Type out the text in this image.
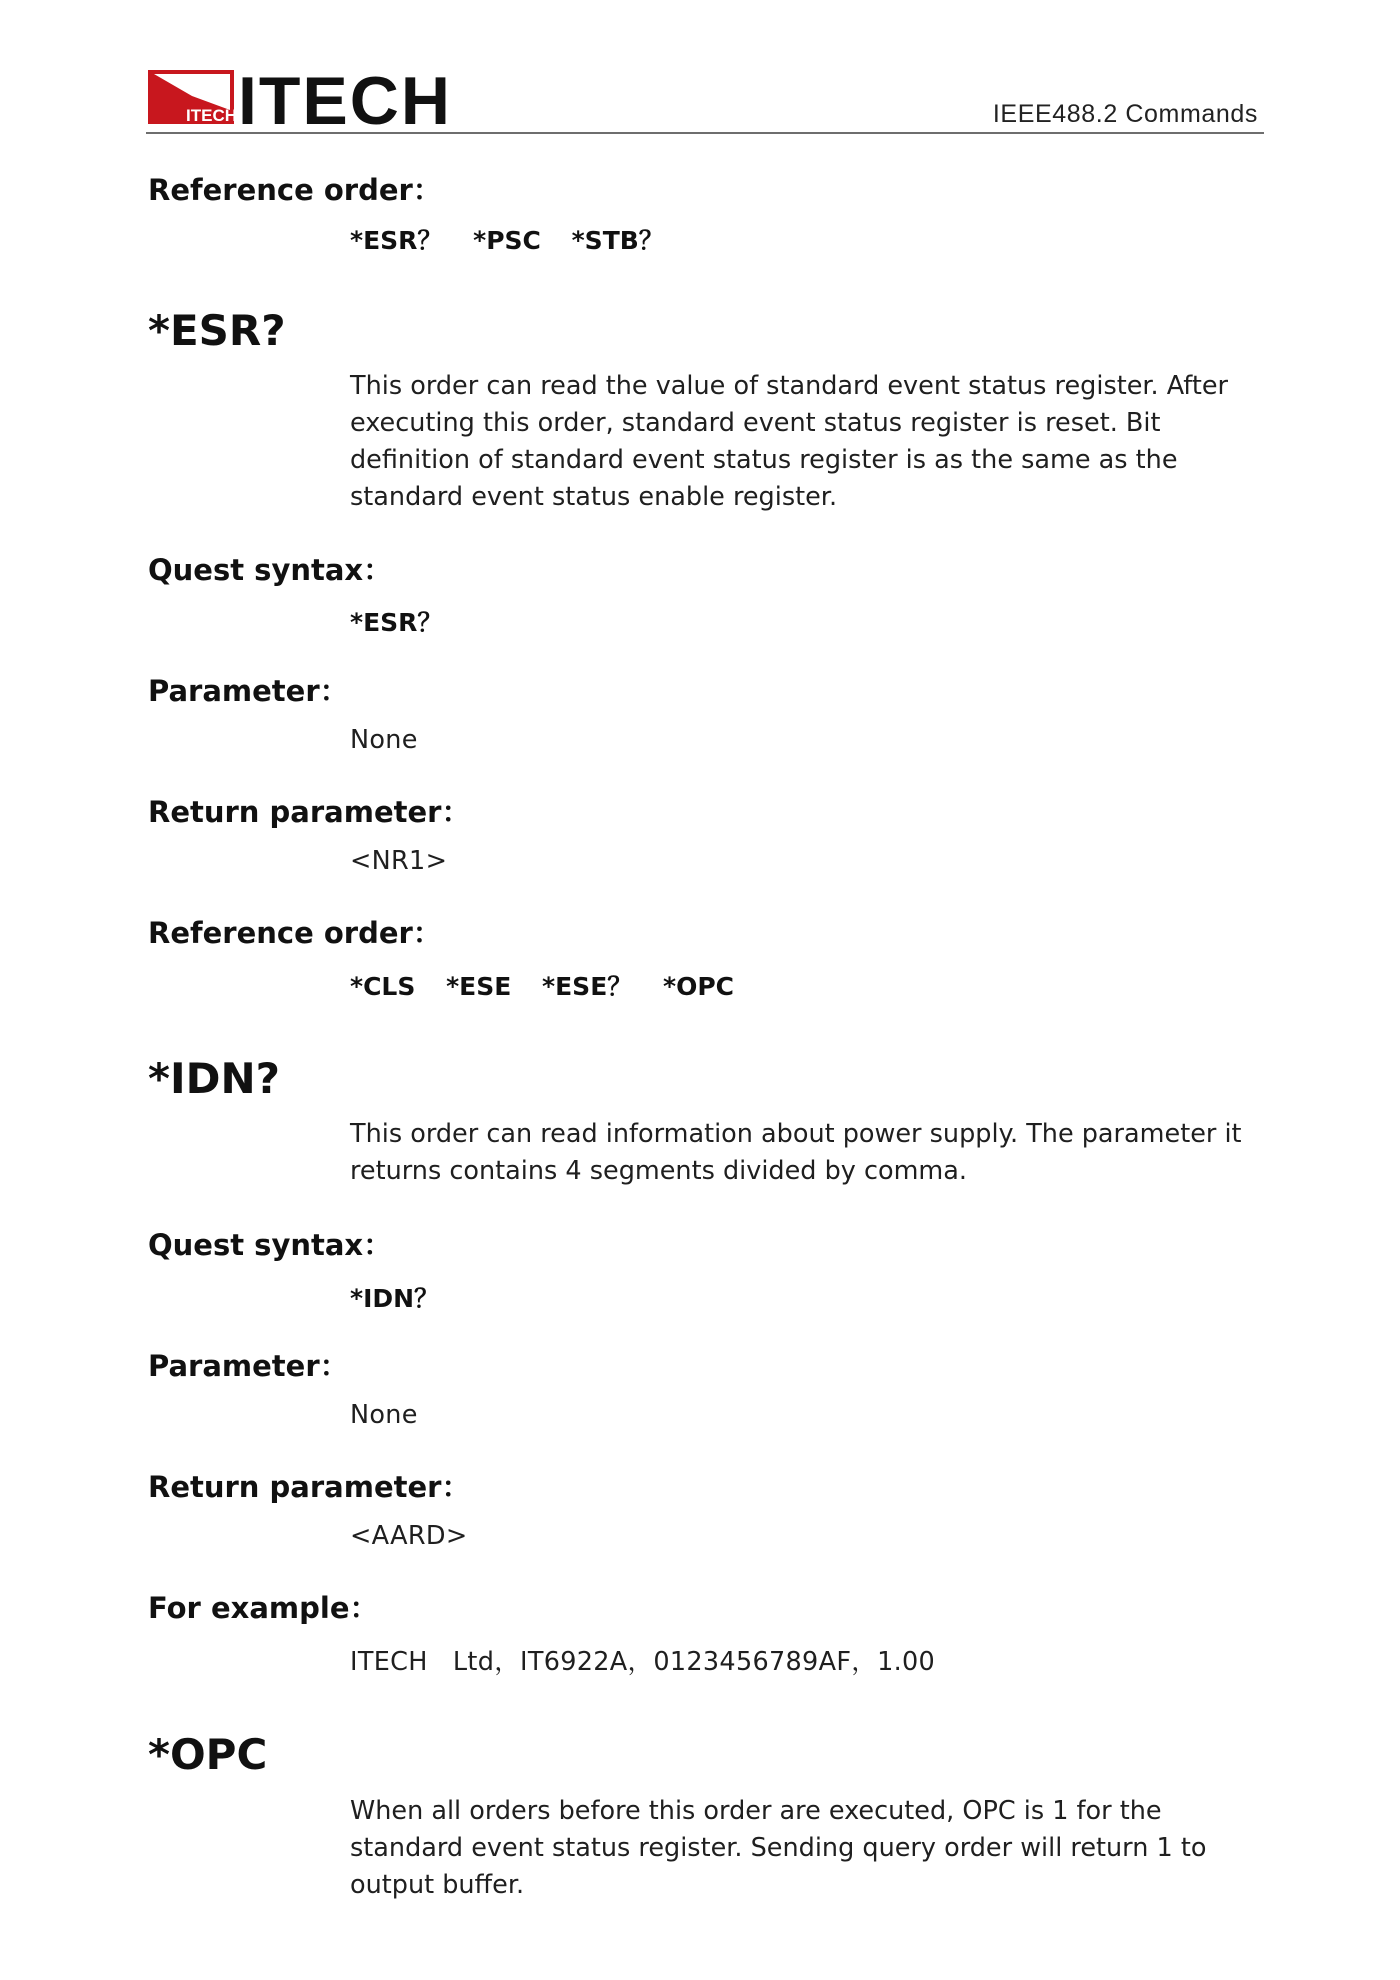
ITECH ITECH	IEEE488.2 Commands

Reference order：

*ESR？ *PSC *STB？

*ESR?

This order can read the value of standard event status register. After executing this order, standard event status register is reset. Bit definition of standard event status register is as the same as the standard event status enable register.

Quest syntax：

*ESR？

Parameter：

None

Return parameter：

<NR1>

Reference order：

*CLS *ESE *ESE？ *OPC

*IDN?

This order can read information about power supply. The parameter it returns contains 4 segments divided by comma.

Quest syntax：

*IDN？

Parameter：

None

Return parameter：

<AARD>

For example：

ITECH   Ltd，IT6922A，0123456789AF，1.00

*OPC

When all orders before this order are executed, OPC is 1 for the standard event status register. Sending query order will return 1 to output buffer.
